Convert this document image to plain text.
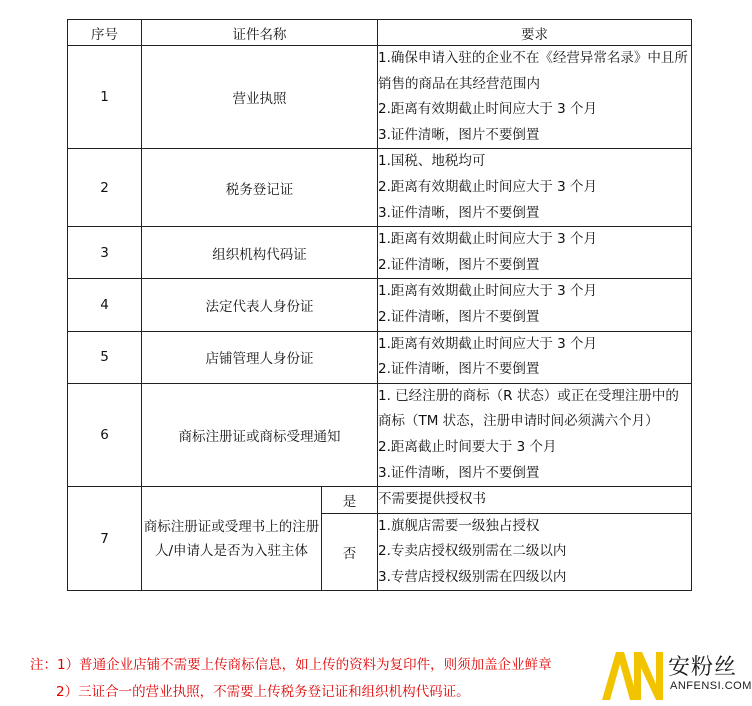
序号	证件名称		要求
1	营业执照		1.确保申请入驻的企业不在《经营异常名录》中且所销售的商品在其经营范围内
2.距离有效期截止时间应大于 3 个月
3.证件清晰，图片不要倒置

2	税务登记证		1.国税、地税均可
2.距离有效期截止时间应大于 3 个月
3.证件清晰，图片不要倒置

3	组织机构代码证		1.距离有效期截止时间应大于 3 个月
2.证件清晰，图片不要倒置

4	法定代表人身份证		1.距离有效期截止时间应大于 3 个月
2.证件清晰，图片不要倒置

5	店铺管理人身份证		1.距离有效期截止时间应大于 3 个月
2.证件清晰，图片不要倒置

6	商标注册证或商标受理通知		1. 已经注册的商标（R 状态）或正在受理注册中的商标（TM 状态，注册申请时间必须满六个月）
2.距离截止时间要大于 3 个月
3.证件清晰，图片不要倒置

7	商标注册证或受理书上的注册人/申请人是否为入驻主体	是	不需要提供授权书

		否	1.旗舰店需要一级独占授权
2.专卖店授权级别需在二级以内
3.专营店授权级别需在四级以内
注：1）普通企业店铺不需要上传商标信息，如上传的资料为复印件，则须加盖企业鲜章
2）三证合一的营业执照，不需要上传税务登记证和组织机构代码证。
安粉丝
ANFENSI.COM
